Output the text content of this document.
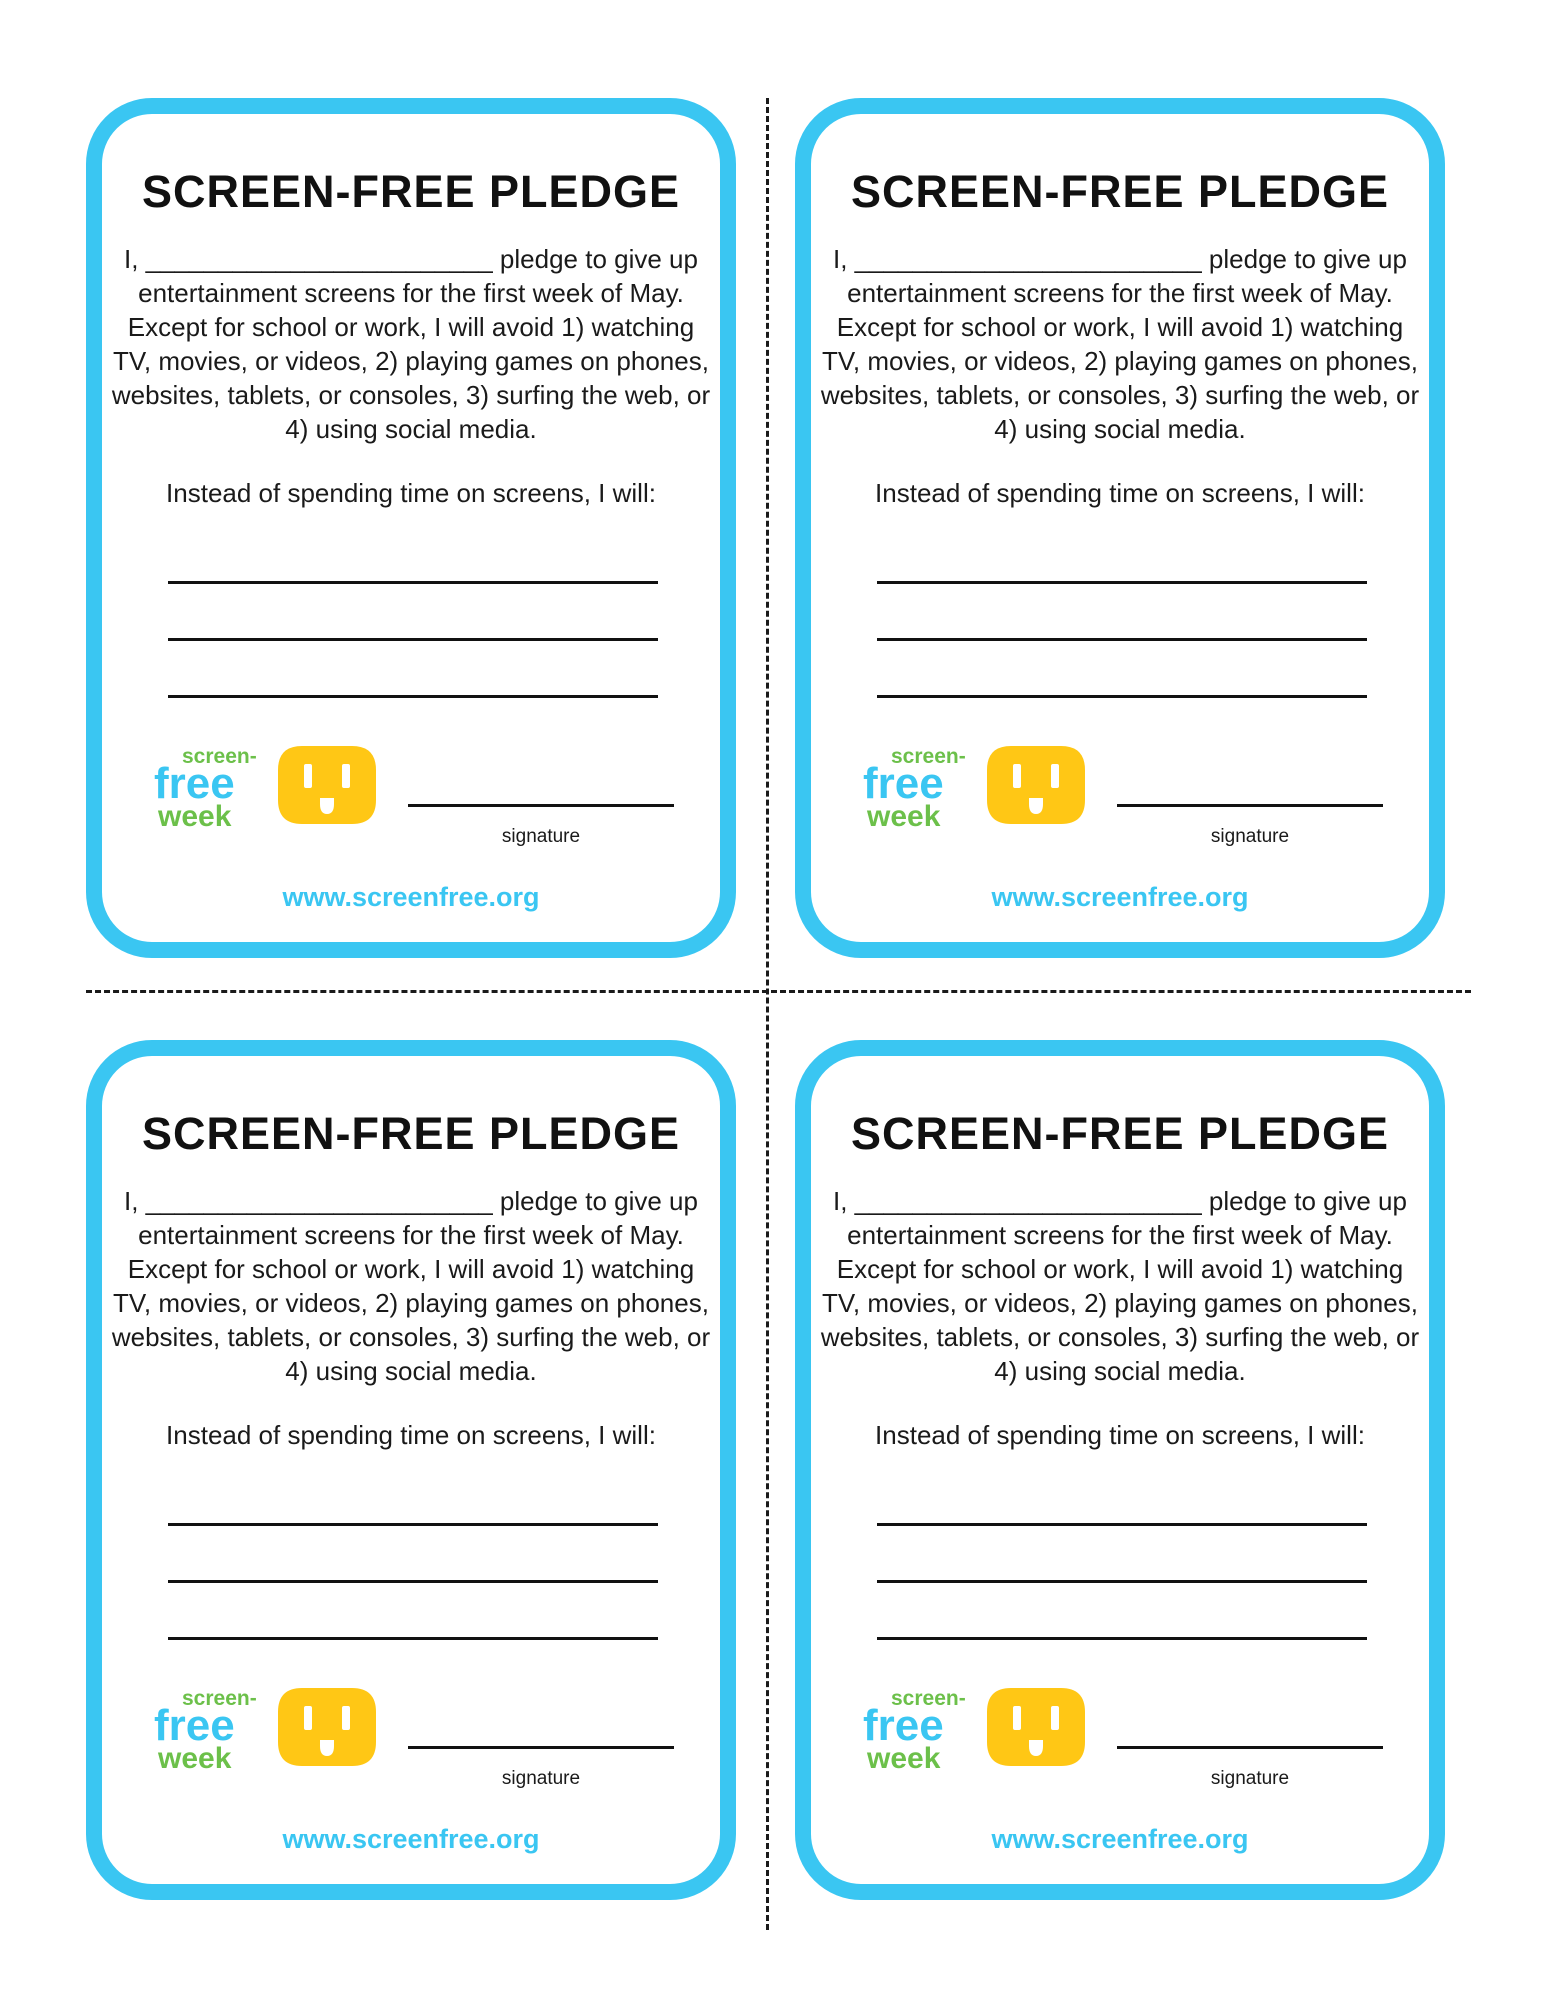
SCREEN-FREE PLEDGE

I, ________________________ pledge to give up entertainment screens for the first week of May. Except for school or work, I will avoid 1) watching TV, movies, or videos, 2) playing games on phones, websites, tablets, or consoles, 3) surfing the web, or 4) using social media.

Instead of spending time on screens, I will:

screen-
free
week
signature
www.screenfree.org
SCREEN-FREE PLEDGE

I, ________________________ pledge to give up entertainment screens for the first week of May. Except for school or work, I will avoid 1) watching TV, movies, or videos, 2) playing games on phones, websites, tablets, or consoles, 3) surfing the web, or 4) using social media.

Instead of spending time on screens, I will:

screen-
free
week
signature
www.screenfree.org
SCREEN-FREE PLEDGE

I, ________________________ pledge to give up entertainment screens for the first week of May. Except for school or work, I will avoid 1) watching TV, movies, or videos, 2) playing games on phones, websites, tablets, or consoles, 3) surfing the web, or 4) using social media.

Instead of spending time on screens, I will:

screen-
free
week
signature
www.screenfree.org
SCREEN-FREE PLEDGE

I, ________________________ pledge to give up entertainment screens for the first week of May. Except for school or work, I will avoid 1) watching TV, movies, or videos, 2) playing games on phones, websites, tablets, or consoles, 3) surfing the web, or 4) using social media.

Instead of spending time on screens, I will:

screen-
free
week
signature
www.screenfree.org
